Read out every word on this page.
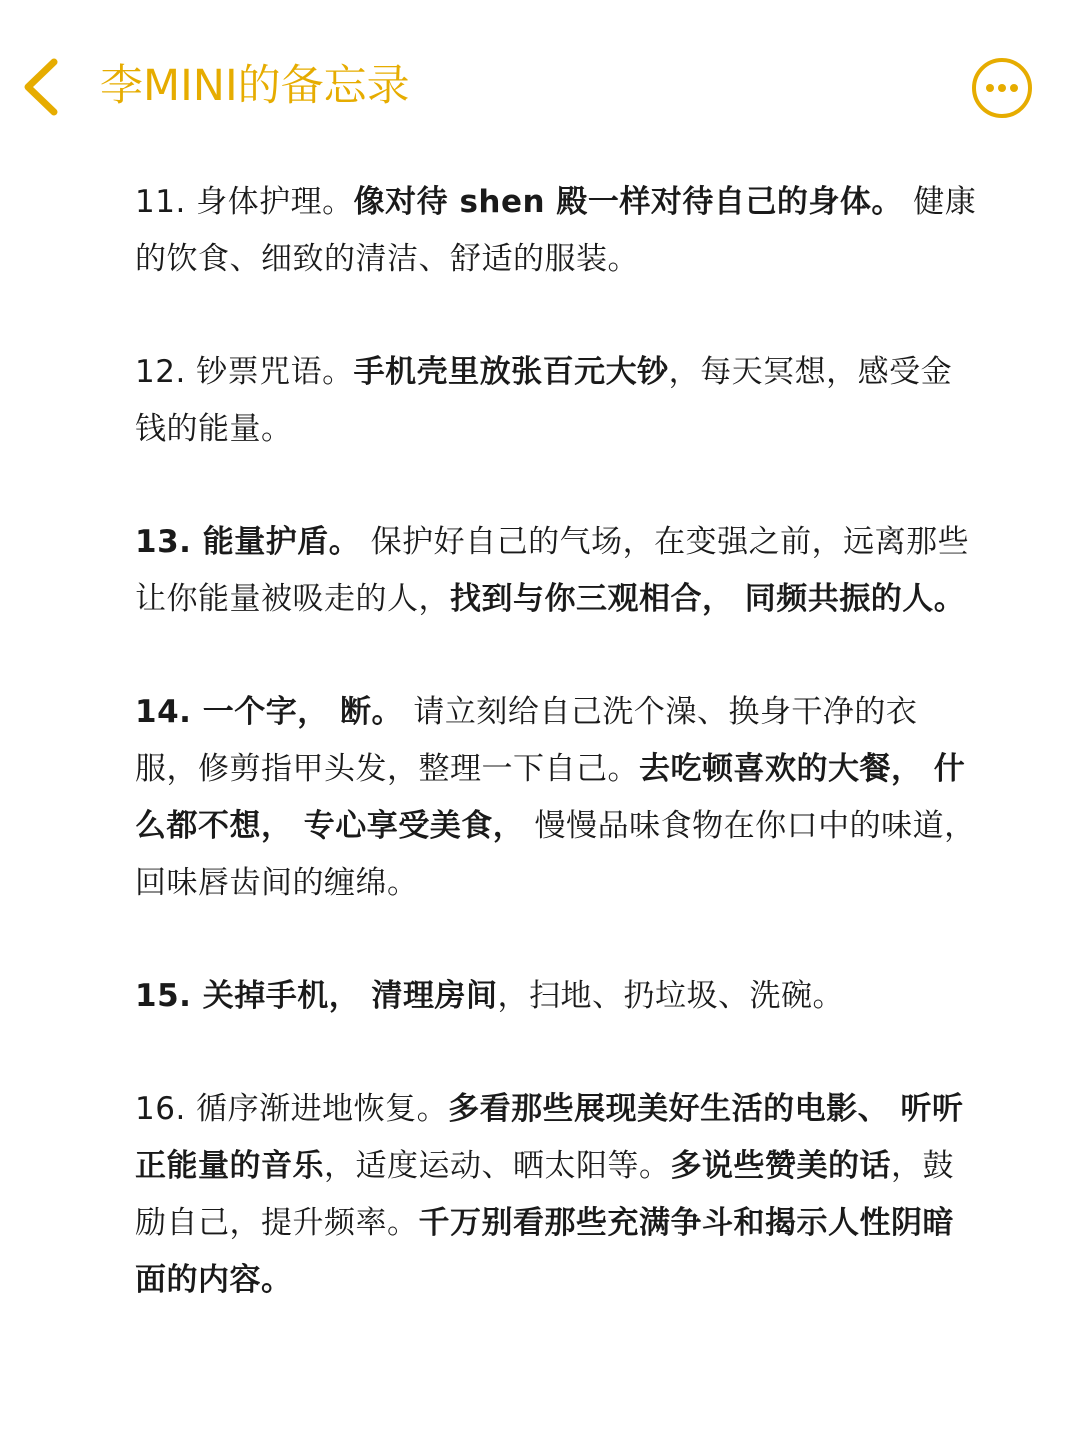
李MINI的备忘录

11. 身体护理。像对待 shen 殿一样对待自己的身体。 健康的饮食、细致的清洁、舒适的服装。

12. 钞票咒语。手机壳里放张百元大钞，每天冥想，感受金钱的能量。

13. 能量护盾。 保护好自己的气场，在变强之前，远离那些让你能量被吸走的人，找到与你三观相合， 同频共振的人。

14. 一个字， 断。 请立刻给自己洗个澡、换身干净的衣服，修剪指甲头发，整理一下自己。去吃顿喜欢的大餐， 什么都不想， 专心享受美食， 慢慢品味食物在你口中的味道，回味唇齿间的缠绵。

15. 关掉手机， 清理房间，扫地、扔垃圾、洗碗。

16. 循序渐进地恢复。多看那些展现美好生活的电影、 听听正能量的音乐，适度运动、晒太阳等。多说些赞美的话，鼓励自己，提升频率。千万别看那些充满争斗和揭示人性阴暗面的内容。
